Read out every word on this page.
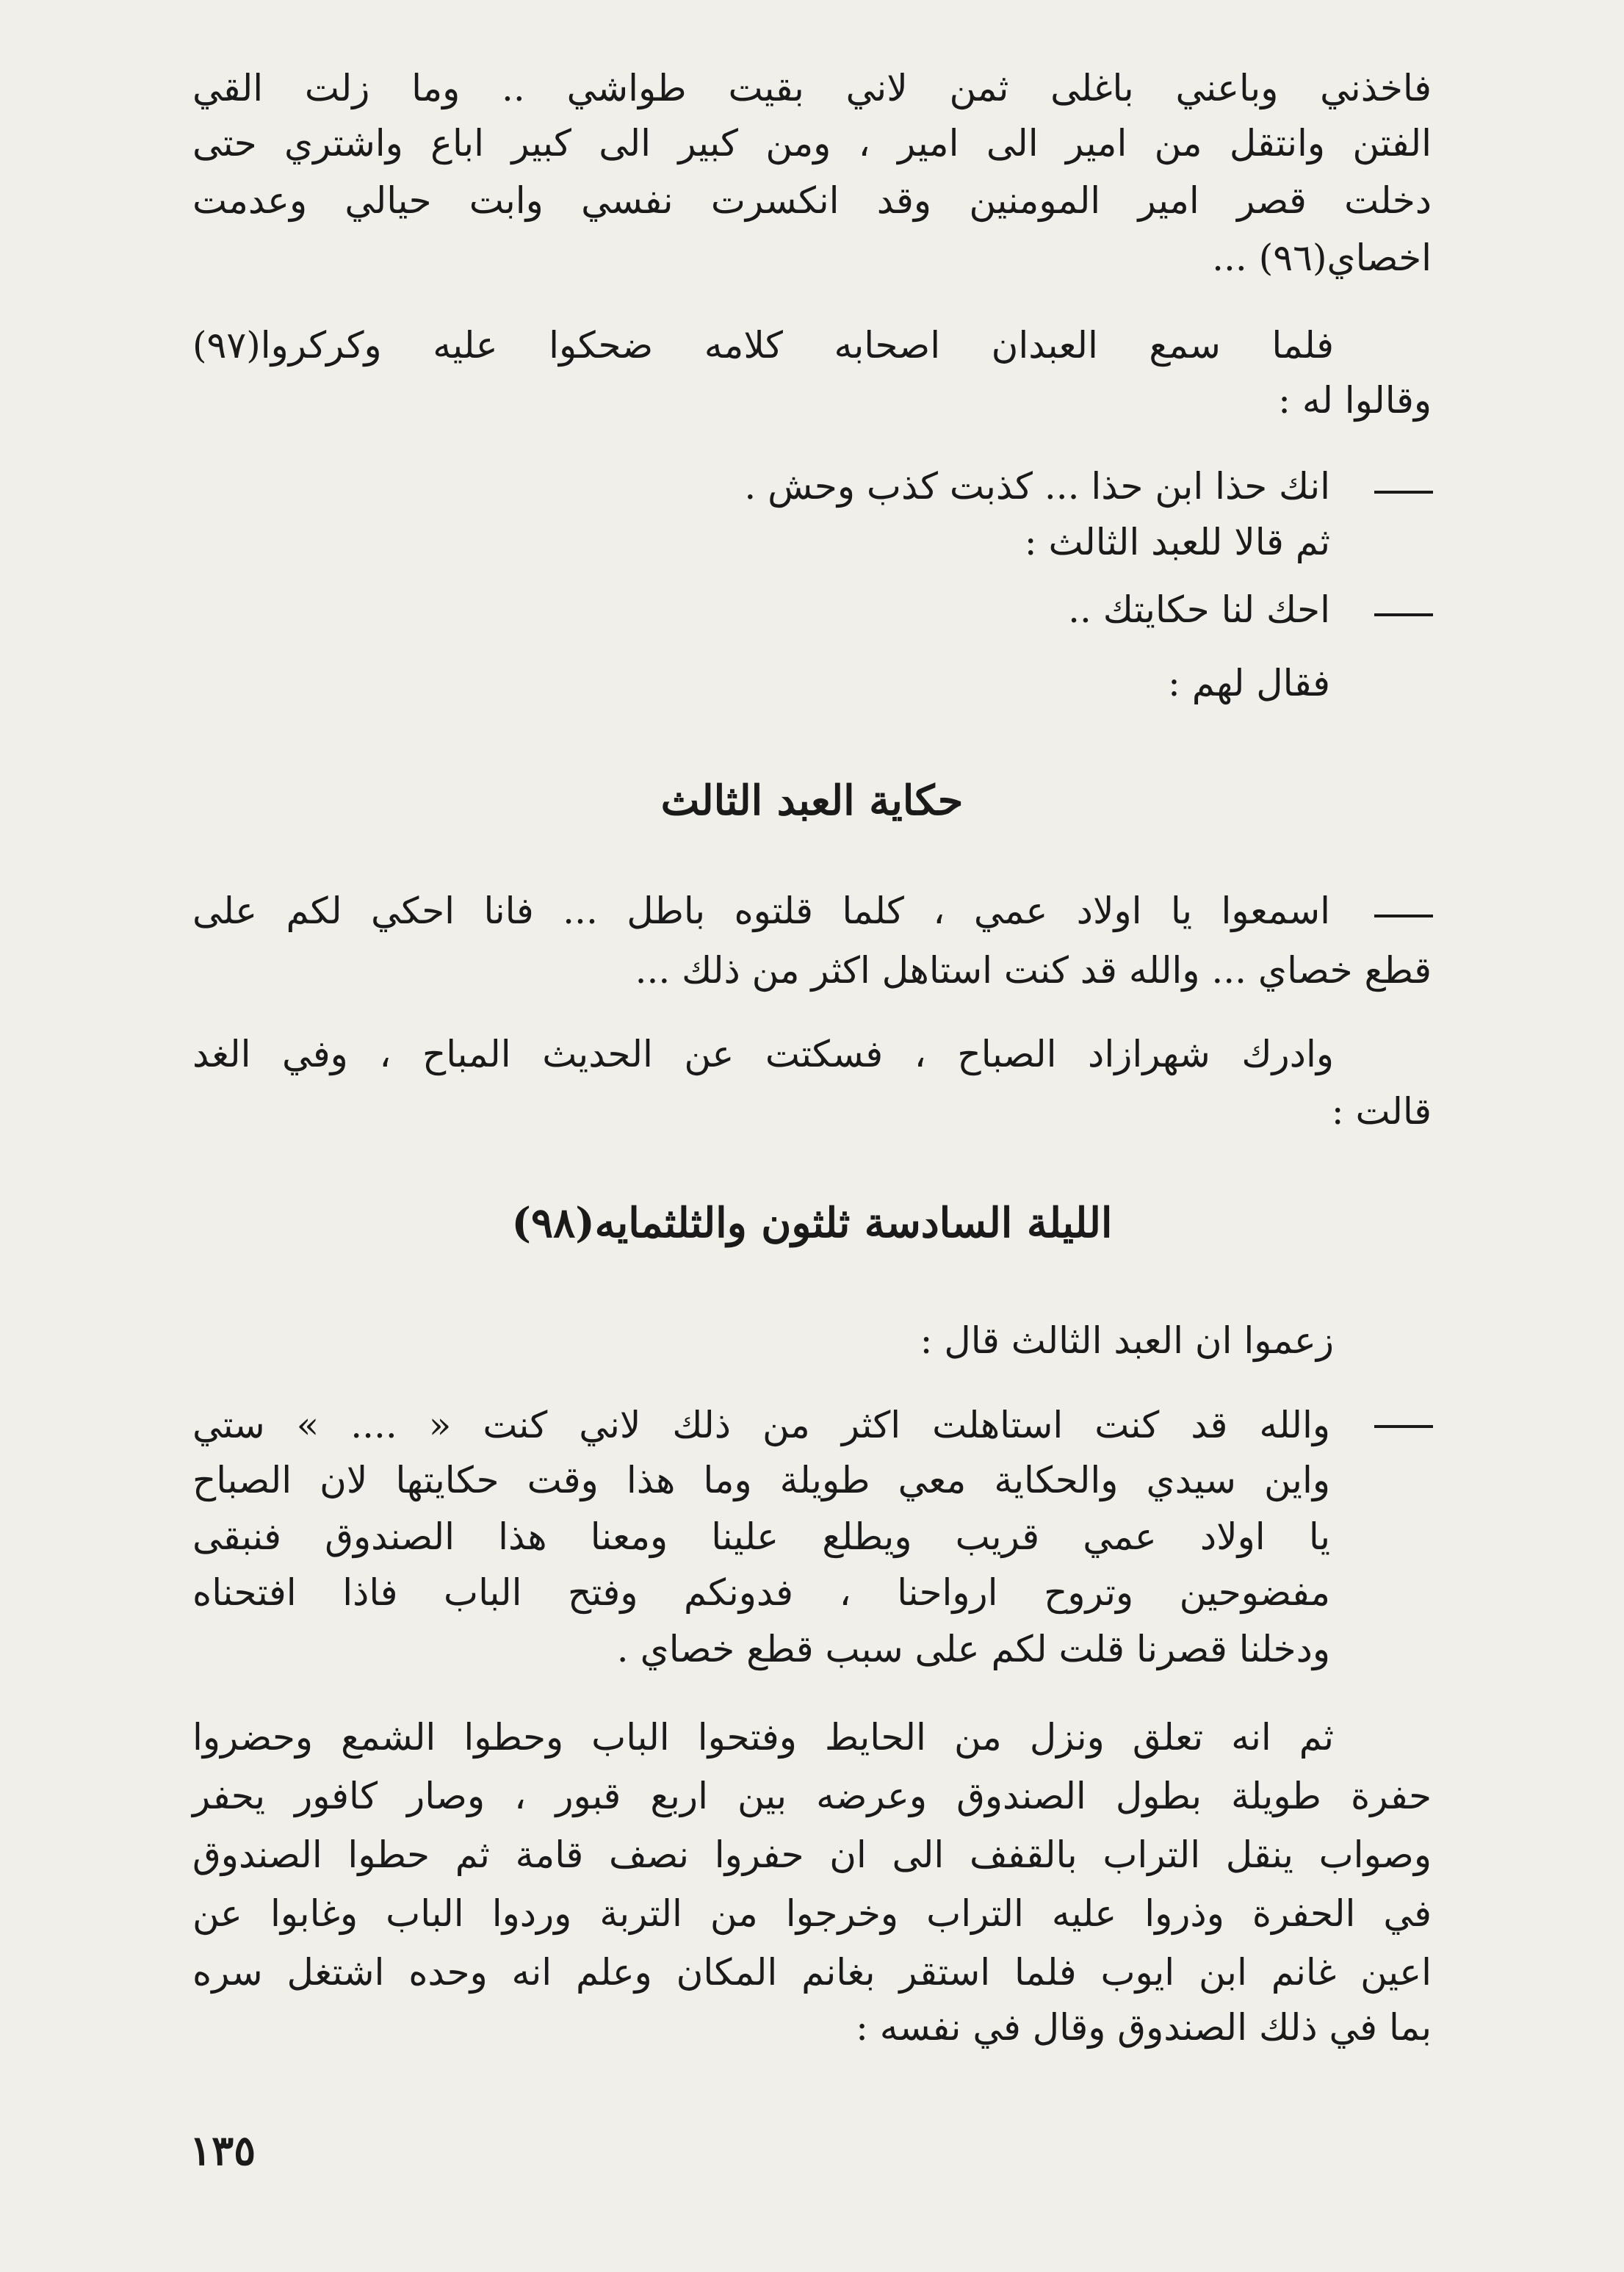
فاخذني وباعني باغلى ثمن لاني بقيت طواشي .. وما زلت القي
الفتن وانتقل من امير الى امير ، ومن كبير الى كبير اباع واشتري حتى
دخلت قصر امير المومنين وقد انكسرت نفسي وابت حيالي وعدمت
اخصاي(٩٦) ...
فلما سمع العبدان اصحابه كلامه ضحكوا عليه وكركروا(٩٧)
وقالوا له :
انك حذا ابن حذا ... كذبت كذب وحش .
ثم قالا للعبد الثالث :
احك لنا حكايتك ..
فقال لهم :
حكاية العبد الثالث
اسمعوا يا اولاد عمي ، كلما قلتوه باطل ... فانا احكي لكم على
قطع خصاي ... والله قد كنت استاهل اكثر من ذلك ...
وادرك شهرازاد الصباح ، فسكتت عن الحديث المباح ، وفي الغد
قالت :
الليلة السادسة ثلثون والثلثمايه(٩٨)
زعموا ان العبد الثالث قال :
والله قد كنت استاهلت اكثر من ذلك لاني كنت « .... » ستي
واين سيدي والحكاية معي طويلة وما هذا وقت حكايتها لان الصباح
يا اولاد عمي قريب ويطلع علينا ومعنا هذا الصندوق فنبقى
مفضوحين وتروح ارواحنا ، فدونكم وفتح الباب فاذا افتحناه
ودخلنا قصرنا قلت لكم على سبب قطع خصاي .
ثم انه تعلق ونزل من الحايط وفتحوا الباب وحطوا الشمع وحضروا
حفرة طويلة بطول الصندوق وعرضه بين اربع قبور ، وصار كافور يحفر
وصواب ينقل التراب بالقفف الى ان حفروا نصف قامة ثم حطوا الصندوق
في الحفرة وذروا عليه التراب وخرجوا من التربة وردوا الباب وغابوا عن
اعين غانم ابن ايوب فلما استقر بغانم المكان وعلم انه وحده اشتغل سره
بما في ذلك الصندوق وقال في نفسه :
١٣٥
